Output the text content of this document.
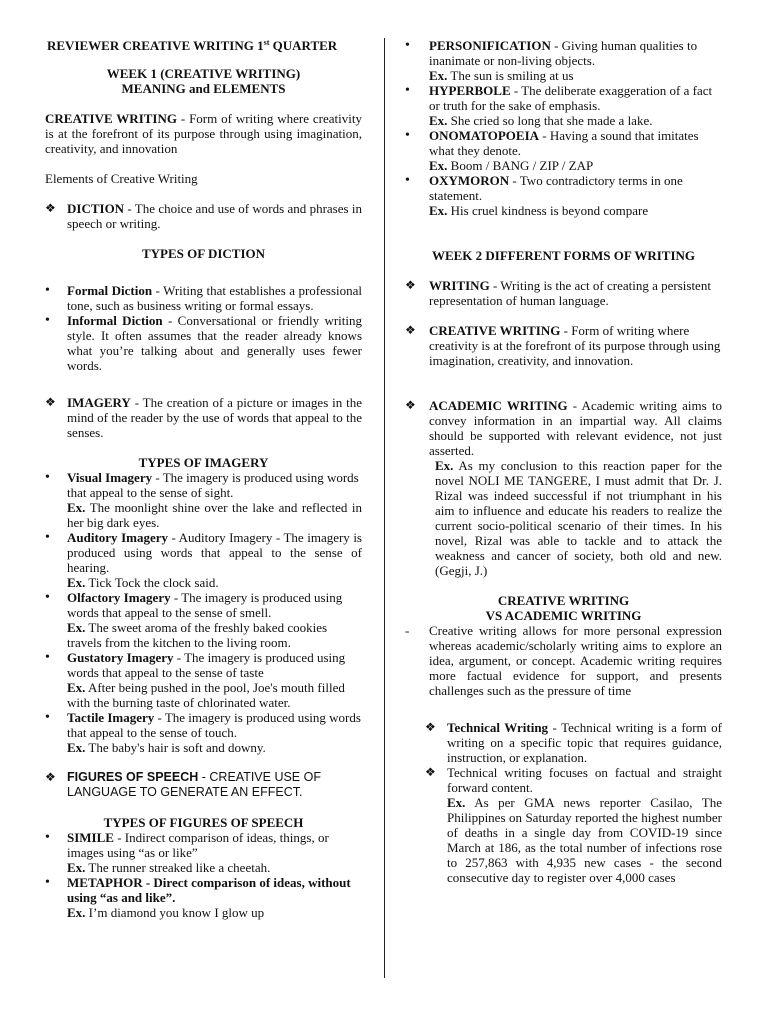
REVIEWER CREATIVE WRITING 1st QUARTER

WEEK 1 (CREATIVE WRITING)

MEANING and ELEMENTS

CREATIVE WRITING - Form of writing where creativity is at the forefront of its purpose through using imagination, creativity, and innovation

Elements of Creative Writing

❖ DICTION - The choice and use of words and phrases in speech or writing.

TYPES OF DICTION

• Formal Diction - Writing that establishes a professional tone, such as business writing or formal essays.
• Informal Diction - Conversational or friendly writing style. It often assumes that the reader already knows what you’re talking about and generally uses fewer words.
❖ IMAGERY - The creation of a picture or images in the mind of the reader by the use of words that appeal to the senses.

TYPES OF IMAGERY

• Visual Imagery - The imagery is produced using words that appeal to the sense of sight.
Ex. The moonlight shine over the lake and reflected in her big dark eyes.
• Auditory Imagery - Auditory Imagery - The imagery is produced using words that appeal to the sense of hearing.
Ex. Tick Tock the clock said.
• Olfactory Imagery - The imagery is produced using words that appeal to the sense of smell.
Ex. The sweet aroma of the freshly baked cookies travels from the kitchen to the living room.
• Gustatory Imagery - The imagery is produced using words that appeal to the sense of taste
Ex. After being pushed in the pool, Joe's mouth filled with the burning taste of chlorinated water.
• Tactile Imagery - The imagery is produced using words that appeal to the sense of touch.
Ex. The baby's hair is soft and downy.
❖ FIGURES OF SPEECH - CREATIVE USE OF LANGUAGE TO GENERATE AN EFFECT.

TYPES OF FIGURES OF SPEECH

• SIMILE - Indirect comparison of ideas, things, or images using “as or like”
Ex. The runner streaked like a cheetah.
• METAPHOR - Direct comparison of ideas, without using “as and like”.
Ex. I’m diamond you know I glow up
• PERSONIFICATION - Giving human qualities to inanimate or non-living objects.
Ex. The sun is smiling at us
• HYPERBOLE - The deliberate exaggeration of a fact or truth for the sake of emphasis.
Ex. She cried so long that she made a lake.
• ONOMATOPOEIA - Having a sound that imitates what they denote.
Ex. Boom / BANG / ZIP / ZAP
• OXYMORON - Two contradictory terms in one statement.
Ex. His cruel kindness is beyond compare

WEEK 2 DIFFERENT FORMS OF WRITING

❖ WRITING - Writing is the act of creating a persistent representation of human language.
❖ CREATIVE WRITING - Form of writing where creativity is at the forefront of its purpose through using imagination, creativity, and innovation.
❖ ACADEMIC WRITING - Academic writing aims to convey information in an impartial way. All claims should be supported with relevant evidence, not just asserted.
Ex. As my conclusion to this reaction paper for the novel NOLI ME TANGERE, I must admit that Dr. J. Rizal was indeed successful if not triumphant in his aim to influence and educate his readers to realize the current socio-political scenario of their times. In his novel, Rizal was able to tackle and to attack the weakness and cancer of society, both old and new. (Gegji, J.)

CREATIVE WRITING

VS ACADEMIC WRITING

- Creative writing allows for more personal expression whereas academic/scholarly writing aims to explore an idea, argument, or concept. Academic writing requires more factual evidence for support, and presents challenges such as the pressure of time
❖ Technical Writing - Technical writing is a form of writing on a specific topic that requires guidance, instruction, or explanation.
❖ Technical writing focuses on factual and straight forward content.
Ex. As per GMA news reporter Casilao, The Philippines on Saturday reported the highest number of deaths in a single day from COVID-19 since March at 186, as the total number of infections rose to 257,863 with 4,935 new cases - the second consecutive day to register over 4,000 cases
